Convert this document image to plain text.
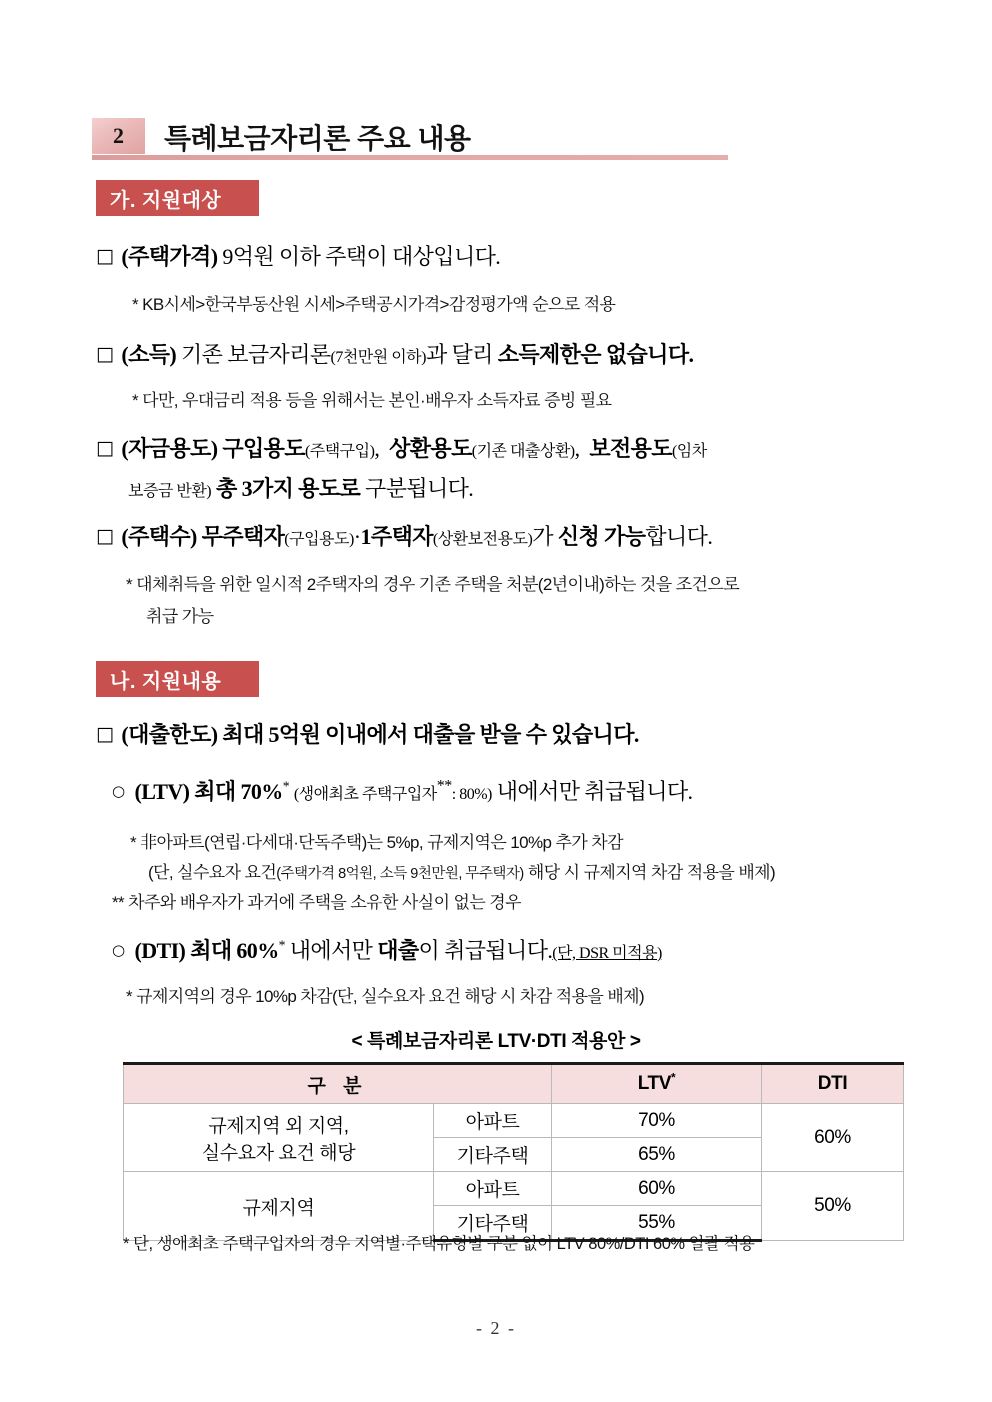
2	특례보금자리론 주요 내용
가. 지원대상
□ (주택가격) 9억원 이하 주택이 대상입니다.
* KB시세>한국부동산원 시세>주택공시가격>감정평가액 순으로 적용
□ (소득) 기존 보금자리론(7천만원 이하)과 달리 소득제한은 없습니다.
* 다만, 우대금리 적용 등을 위해서는 본인·배우자 소득자료 증빙 필요
□ (자금용도) 구입용도(주택구입),  상환용도(기존 대출상환),  보전용도(임차
보증금 반환) 총 3가지 용도로 구분됩니다.
□ (주택수) 무주택자(구입용도)·1주택자(상환보전용도)가 신청 가능합니다.
* 대체취득을 위한 일시적 2주택자의 경우 기존 주택을 처분(2년이내)하는 것을 조건으로
취급 가능
나. 지원내용
□ (대출한도) 최대 5억원 이내에서 대출을 받을 수 있습니다.
○ (LTV) 최대 70%* (생애최초 주택구입자**: 80%) 내에서만 취급됩니다.
* 非아파트(연립·다세대·단독주택)는 5%p, 규제지역은 10%p 추가 차감
(단, 실수요자 요건(주택가격 8억원, 소득 9천만원, 무주택자) 해당 시 규제지역 차감 적용을 배제)
** 차주와 배우자가 과거에 주택을 소유한 사실이 없는 경우
○ (DTI) 최대 60%* 내에서만 대출이 취급됩니다.(단, DSR 미적용)
* 규제지역의 경우 10%p 차감(단, 실수요자 요건 해당 시 차감 적용을 배제)
< 특례보금자리론 LTV·DTI 적용안 >
구 분		LTV*	DTI

규제지역 외 지역,
실수요자 요건 해당	아파트	70%	60%
	기타주택	65%	

규제지역	아파트	60%	50%
	기타주택	55%	
* 단, 생애최초 주택구입자의 경우 지역별·주택유형별 구분 없이 LTV 80%/DTI 60% 일괄 적용
- 2 -
